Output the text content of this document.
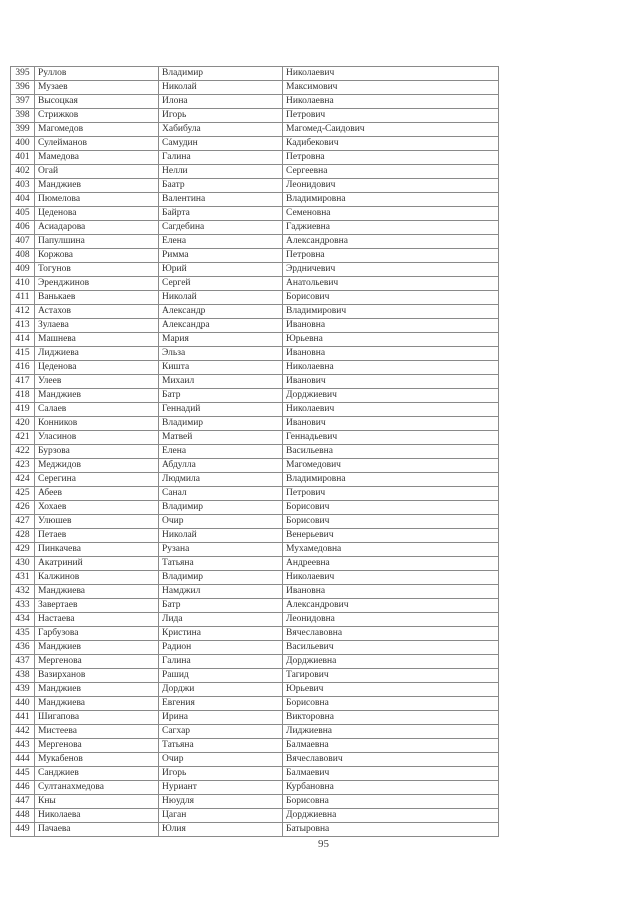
395	Руллов	Владимир	Николаевич
396	Музаев	Николай	Максимович
397	Высоцкая	Илона	Николаевна
398	Стрижков	Игорь	Петрович
399	Магомедов	Хабибула	Магомед-Саидович
400	Сулейманов	Самудин	Кадибекович
401	Мамедова	Галина	Петровна
402	Огай	Нелли	Сергеевна
403	Манджиев	Баатр	Леонидович
404	Пюмелова	Валентина	Владимировна
405	Цеденова	Байрта	Семеновна
406	Асиадарова	Сагдебина	Гаджиевна
407	Папулшина	Елена	Александровна
408	Коржова	Римма	Петровна
409	Тогунов	Юрий	Эрдничевич
410	Эренджинов	Сергей	Анатольевич
411	Ванькаев	Николай	Борисович
412	Астахов	Александр	Владимирович
413	Зулаева	Александра	Ивановна
414	Машнева	Мария	Юрьевна
415	Лиджиева	Эльза	Ивановна
416	Цеденова	Кишта	Николаевна
417	Улеев	Михаил	Иванович
418	Манджиев	Батр	Дорджиевич
419	Салаев	Геннадий	Николаевич
420	Конников	Владимир	Иванович
421	Уласинов	Матвей	Геннадьевич
422	Бурзова	Елена	Васильевна
423	Меджидов	Абдулла	Магомедович
424	Серегина	Людмила	Владимировна
425	Абеев	Санал	Петрович
426	Хохаев	Владимир	Борисович
427	Улюшев	Очир	Борисович
428	Петаев	Николай	Венерьевич
429	Пинкачева	Рузана	Мухамедовна
430	Акатриний	Татьяна	Андреевна
431	Калжинов	Владимир	Николаевич
432	Манджиева	Намджил	Ивановна
433	Завертаев	Батр	Александрович
434	Настаева	Лида	Леонидовна
435	Гарбузова	Кристина	Вячеславовна
436	Манджиев	Радион	Васильевич
437	Мергенова	Галина	Дорджиевна
438	Вазирханов	Рашид	Тагирович
439	Манджиев	Дорджи	Юрьевич
440	Манджиева	Евгения	Борисовна
441	Шигапова	Ирина	Викторовна
442	Мистеева	Сагхар	Лиджиевна
443	Мергенова	Татьяна	Балмаевна
444	Мукабенов	Очир	Вячеславович
445	Санджиев	Игорь	Балмаевич
446	Султанахмедова	Нуриант	Курбановна
447	Кны	Нюудля	Борисовна
448	Николаева	Цаган	Дорджиевна
449	Пачаева	Юлия	Батыровна
95
